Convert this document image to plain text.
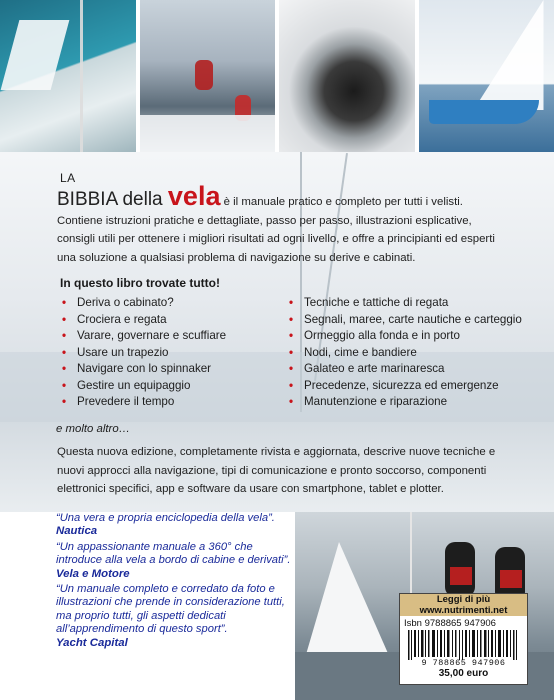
LA
BIBBIA della vela è il manuale pratico e completo per tutti i velisti. Contiene istruzioni pratiche e dettagliate, passo per passo, illustrazioni esplicative, consigli utili per ottenere i migliori risultati ad ogni livello, e offre a principianti ed esperti una soluzione a qualsiasi problema di navigazione su derive e cabinati.
In questo libro trovate tutto!
• Deriva o cabinato?
• Crociera e regata
• Varare, governare e scuffiare
• Usare un trapezio
• Navigare con lo spinnaker
• Gestire un equipaggio
• Prevedere il tempo
• Tecniche e tattiche di regata
• Segnali, maree, carte nautiche e carteggio
• Ormeggio alla fonda e in porto
• Nodi, cime e bandiere
• Galateo e arte marinaresca
• Precedenze, sicurezza ed emergenze
• Manutenzione e riparazione
e molto altro…
Questa nuova edizione, completamente rivista e aggiornata, descrive nuove tecniche e nuovi approcci alla navigazione, tipi di comunicazione e pronto soccorso, componenti elettronici specifici, app e software da usare con smartphone, tablet e plotter.

“Una vera e propria enciclopedia della vela”.

Nautica

“Un appassionante manuale a 360° che introduce alla vela a bordo di cabine e derivati”.

Vela e Motore

“Un manuale completo e corredato da foto e illustrazioni che prende in considerazione tutti, ma proprio tutti, gli aspetti dedicati all’apprendimento di questo sport”.

Yacht Capital

Leggi di più
www.nutrimenti.net
Isbn 9788865 947906
9 788865 947906
35,00 euro
